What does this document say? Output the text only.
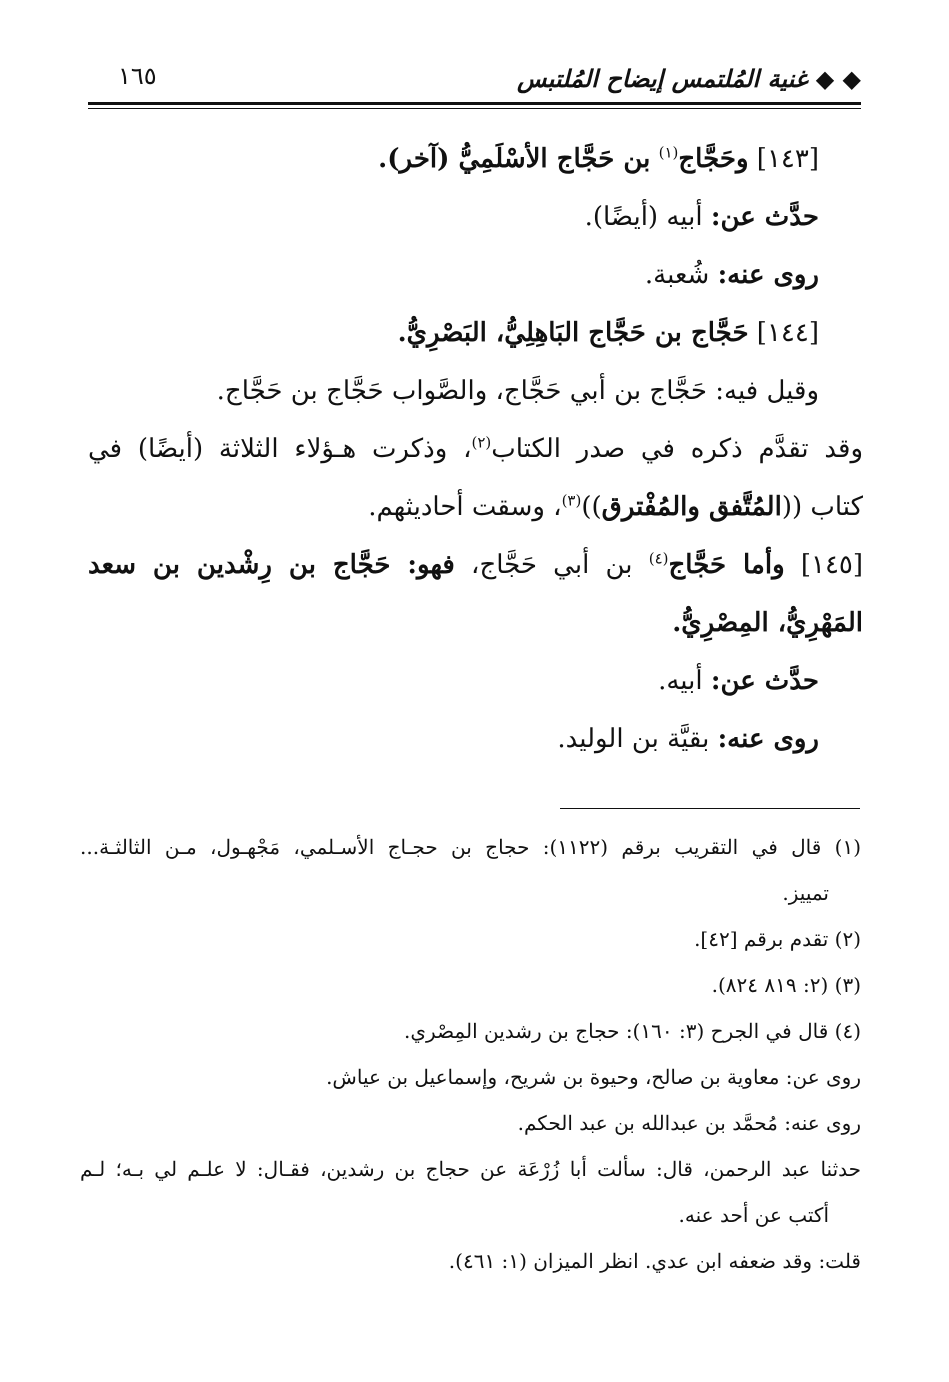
◆ ◆ غنية المُلتمس إيضاح المُلتبس
١٦٥
[١٤٣] وحَجَّاج$^{(١)}$ بن حَجَّاج الأسْلَمِيُّ (آخر).
حدَّث عن: أبيه (أيضًا).
روى عنه: شُعبة.
[١٤٤] حَجَّاج بن حَجَّاج البَاهِلِيُّ، البَصْرِيُّ.
وقيل فيه: حَجَّاج بن أبي حَجَّاج، والصَّواب حَجَّاج بن حَجَّاج.
وقد تقدَّم ذكره في صدر الكتاب$^{(٢)}$، وذكرت هـؤلاء الثلاثة (أيضًا) في
كتاب ((المُتَّفق والمُفْترق))$^{(٣)}$، وسقت أحاديثهم.
[١٤٥] وأما حَجَّاج$^{(٤)}$ بن أبي حَجَّاج، فهو: حَجَّاج بن رِشْدين بن سعد
المَهْرِيُّ، المِصْرِيُّ.
حدَّث عن: أبيه.
روى عنه: بقيَّة بن الوليد.
(١) قال في التقريب برقم (١١٢٢): حجاج بن حجـاج الأسـلمي، مَجْهـول، مـن الثالثـة...
تمييز.
(٢) تقدم برقم [٤٢].
(٣) (٢: ٨١٩ ٨٢٤).
(٤) قال في الجرح (٣: ١٦٠): حجاج بن رشدين المِصْري.
روى عن: معاوية بن صالح، وحيوة بن شريح، وإسماعيل بن عياش.
روى عنه: مُحمَّد بن عبدالله بن عبد الحكم.
حدثنا عبد الرحمن، قال: سألت أبا زُرْعَة عن حجاج بن رشدين، فقـال: لا علـم لي بـه؛ لـم
أكتب عن أحد عنه.
قلت: وقد ضعفه ابن عدي. انظر الميزان (١: ٤٦١).
